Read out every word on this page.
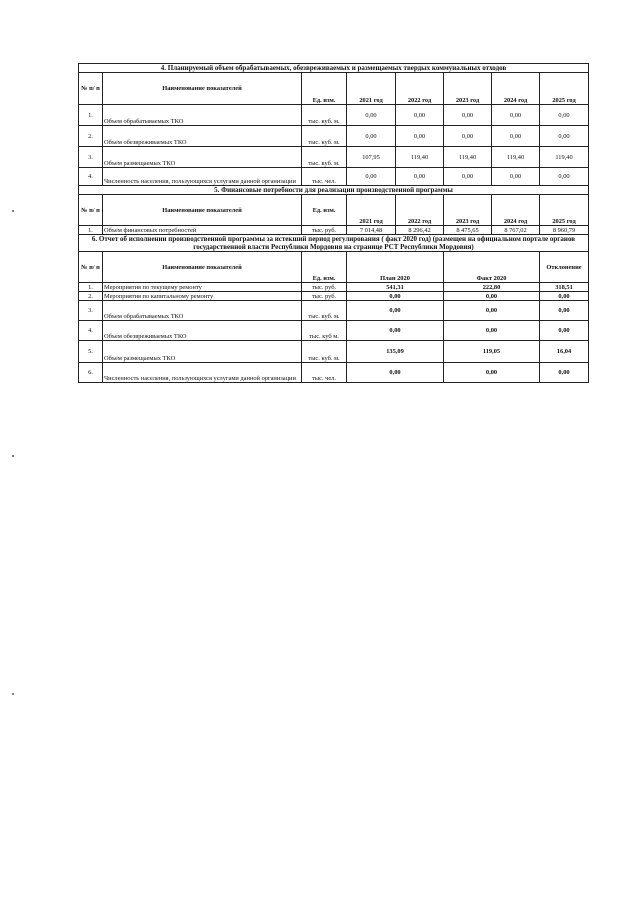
4. Планируемый объем обрабатываемых, обезвреживаемых и размещаемых твердых коммунальных отходов							
№ п/ п	Наименование показателей	Ед. изм.	2021 год	2022 год	2023 год	2024 год	2025 год
1.	Объем обрабатываемых ТКО	тыс. куб. м.	0,00	0,00	0,00	0,00	0,00
2.	Объем обезвреживаемых ТКО	тыс. куб. м.	0,00	0,00	0,00	0,00	0,00
3.	Объем размещаемых ТКО	тыс. куб. м.	107,95	119,40	119,40	119,40	119,40
4.	Численность населения, пользующихся услугами данной организации	тыс. чел.	0,00	0,00	0,00	0,00	0,00
5. Финансовые потребности для реализации производственной программы							
№ п/ п	Наименование показателей	Ед. изм.	2021 год	2022 год	2023 год	2024 год	2025 год
1.	Объем финансовых потребностей	тыс. руб.	7 014,48	8 296,42	8 475,65	8 767,02	8 960,79
6. Отчет об исполнении производственной программы за истекший период регулирования ( факт 2020 год) (размещен на официальном портале органов государственной власти Республики Мордовия на странице РСТ Республики Мордовия)							
№ п/ п	Наименование показателей	Ед. изм.	План 2020		Факт 2020		Отклонение
1.	Мероприятия по текущему ремонту	тыс. руб.	541,31		222,80		318,51
2.	Мероприятия по капитальному ремонту	тыс. руб.	0,00		0,00		0,00
3.	Объем обрабатываемых ТКО	тыс. куб. м.	0,00		0,00		0,00
4.	Объем обезвреживаемых ТКО	тыс. куб м.	0,00		0,00		0,00
5.	Объем размещаемых ТКО	тыс. куб. м.	135,09		119,05		16,04
6.	Численность населения, пользующихся услугами данной организации	тыс. чел.	0,00		0,00		0,00
